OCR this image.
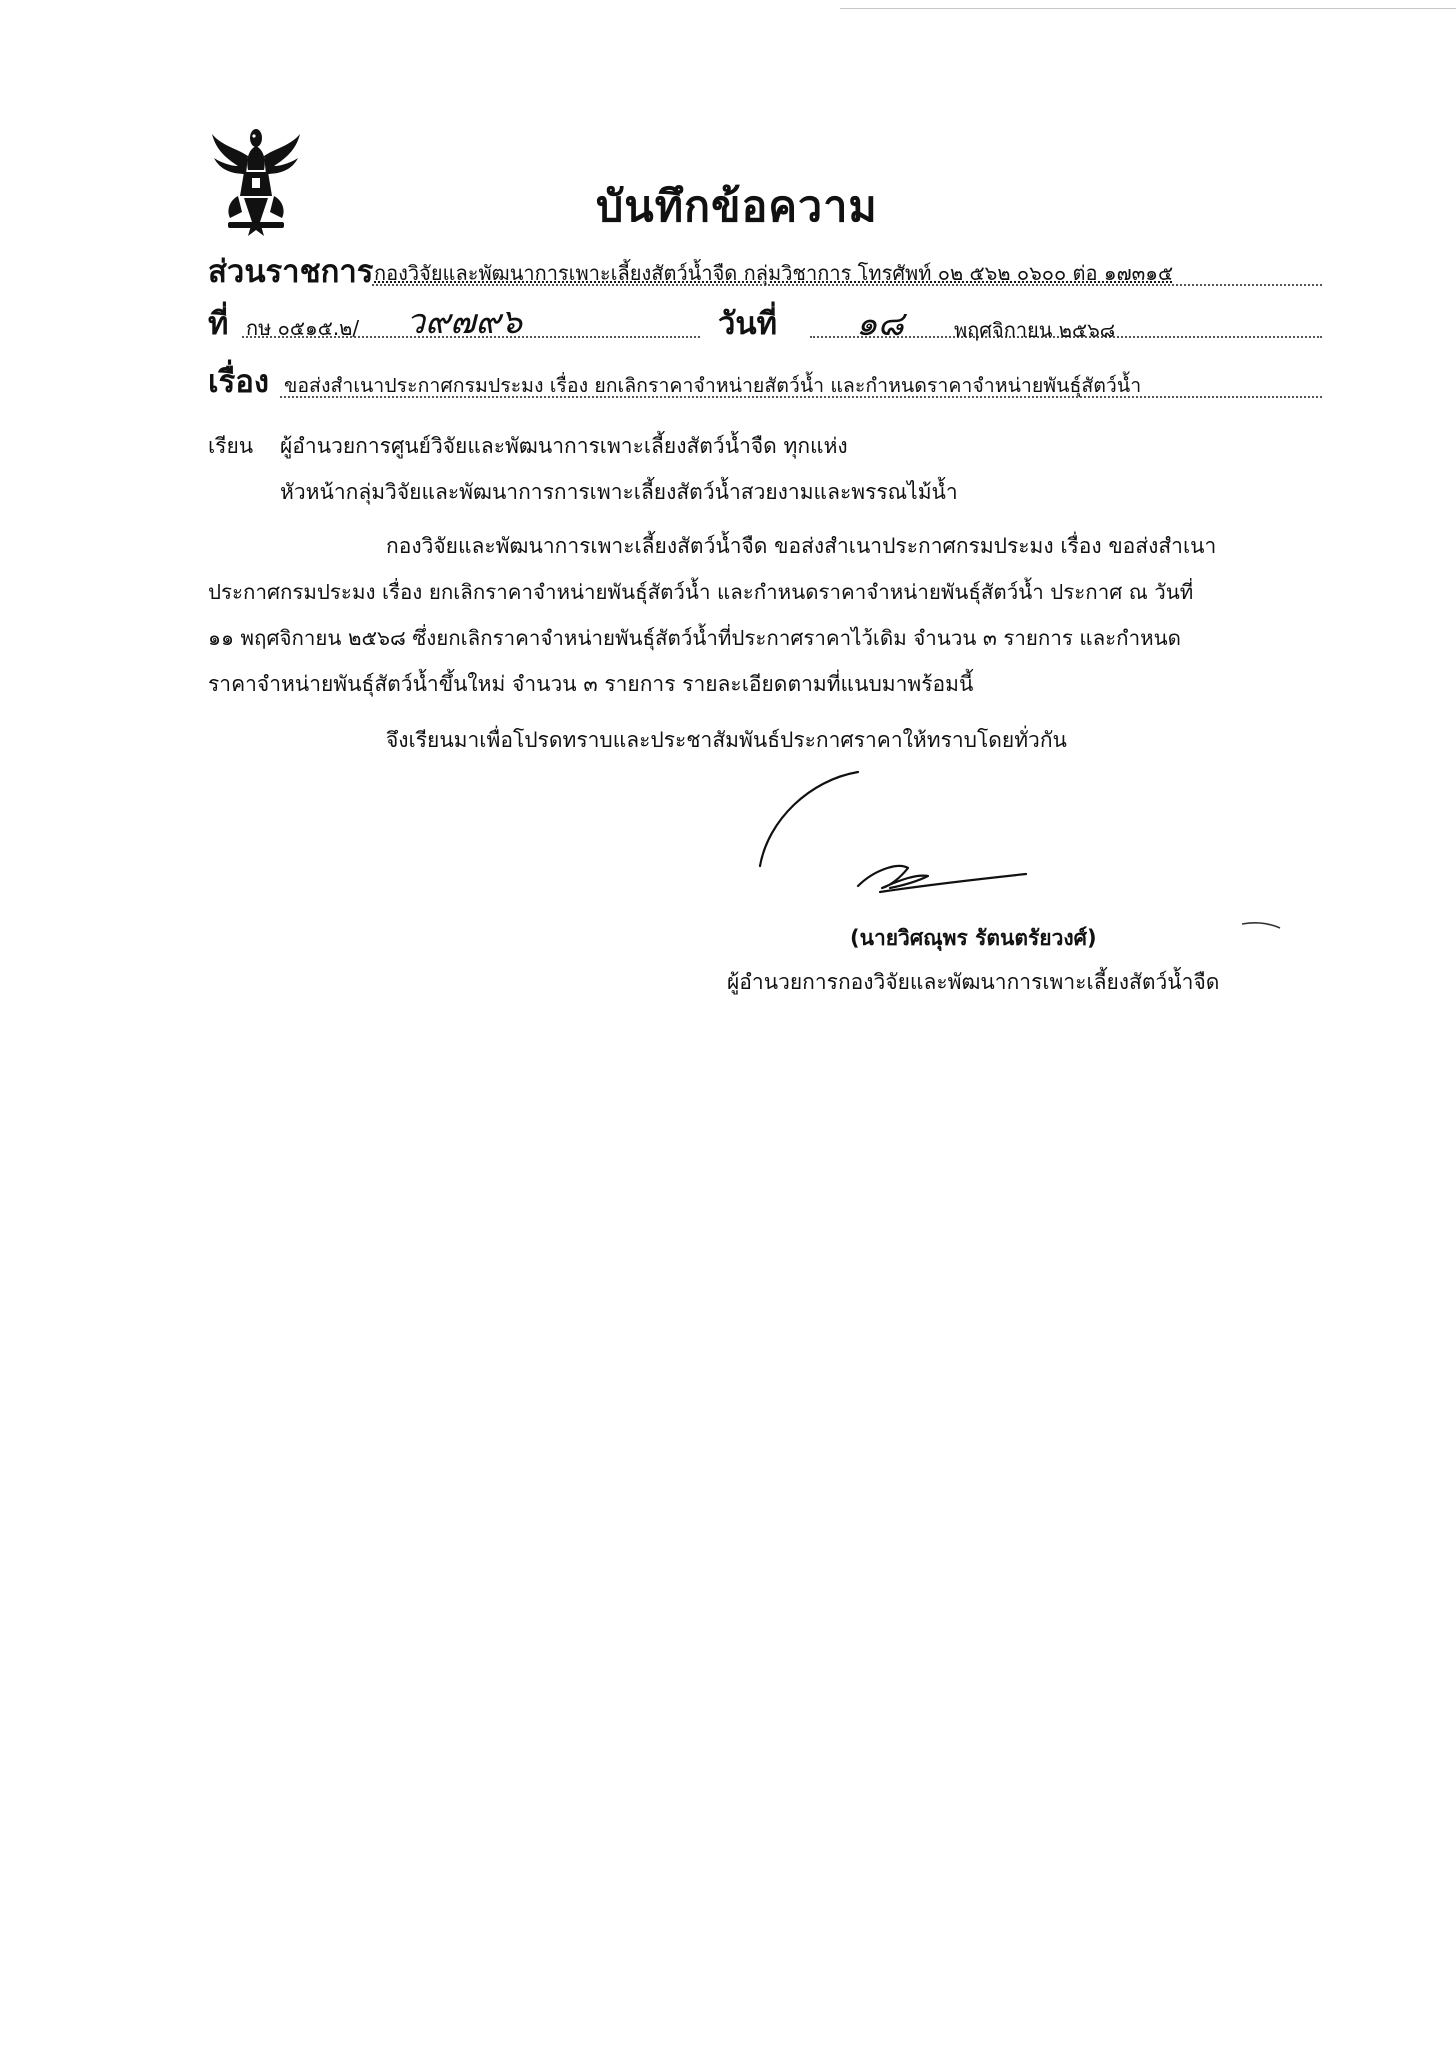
บันทึกข้อความ
ส่วนราชการ กองวิจัยและพัฒนาการเพาะเลี้ยงสัตว์น้ำจืด กลุ่มวิชาการ โทรศัพท์ ๐๒ ๕๖๒ ๐๖๐๐ ต่อ ๑๗๓๑๕
ที่ กษ ๐๕๑๕.๒/ ว๙๗๙๖	วันที่ ๑๘	พฤศจิกายน ๒๕๖๘
เรื่อง ขอส่งสำเนาประกาศกรมประมง เรื่อง ยกเลิกราคาจำหน่ายสัตว์น้ำ และกำหนดราคาจำหน่ายพันธุ์สัตว์น้ำ
เรียน ผู้อำนวยการศูนย์วิจัยและพัฒนาการเพาะเลี้ยงสัตว์น้ำจืด ทุกแห่ง
หัวหน้ากลุ่มวิจัยและพัฒนาการการเพาะเลี้ยงสัตว์น้ำสวยงามและพรรณไม้น้ำ
กองวิจัยและพัฒนาการเพาะเลี้ยงสัตว์น้ำจืด ขอส่งสำเนาประกาศกรมประมง เรื่อง ขอส่งสำเนา
ประกาศกรมประมง เรื่อง ยกเลิกราคาจำหน่ายพันธุ์สัตว์น้ำ และกำหนดราคาจำหน่ายพันธุ์สัตว์น้ำ ประกาศ ณ วันที่
๑๑ พฤศจิกายน ๒๕๖๘ ซึ่งยกเลิกราคาจำหน่ายพันธุ์สัตว์น้ำที่ประกาศราคาไว้เดิม จำนวน ๓ รายการ และกำหนด
ราคาจำหน่ายพันธุ์สัตว์น้ำขึ้นใหม่ จำนวน ๓ รายการ รายละเอียดตามที่แนบมาพร้อมนี้
จึงเรียนมาเพื่อโปรดทราบและประชาสัมพันธ์ประกาศราคาให้ทราบโดยทั่วกัน
(นายวิศณุพร รัตนตรัยวงศ์)
ผู้อำนวยการกองวิจัยและพัฒนาการเพาะเลี้ยงสัตว์น้ำจืด
